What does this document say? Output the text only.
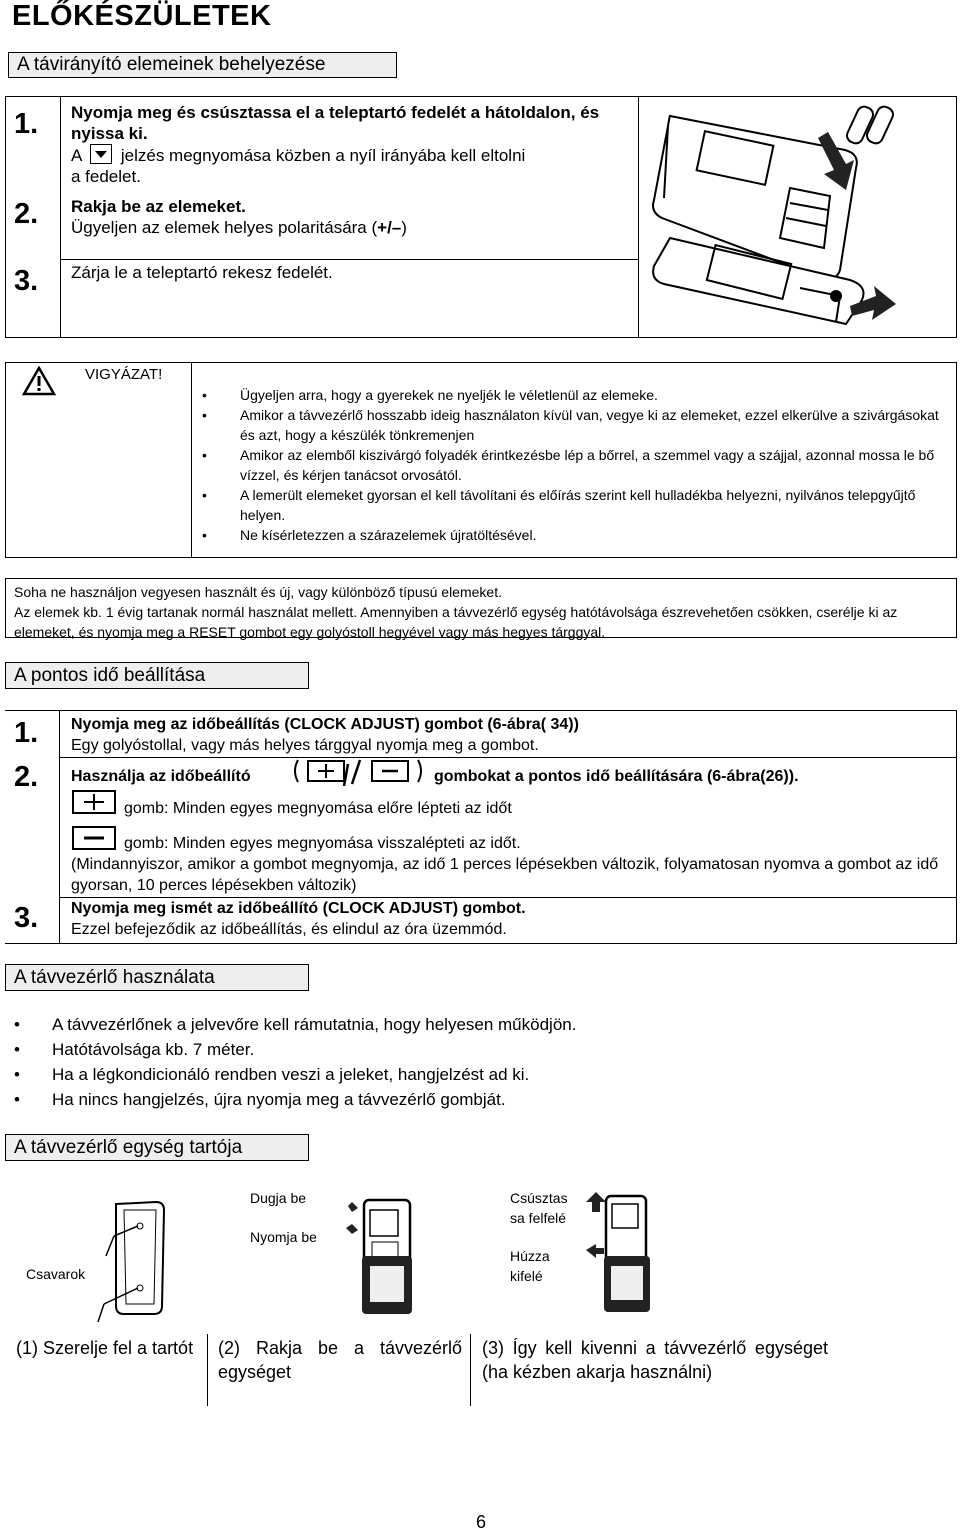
ELŐKÉSZÜLETEK
A távirányító elemeinek behelyezése
1.
2.
3.
Nyomja meg és csúsztassa el a teleptartó fedelét a hátoldalon, és nyissa ki.
A jelzés megnyomása közben a nyíl irányába kell eltolni
a fedelet.
Rakja be az elemeket.
Ügyeljen az elemek helyes polaritására (+/–)
Zárja le a teleptartó rekesz fedelét.
VIGYÁZAT!
• Ügyeljen arra, hogy a gyerekek ne nyeljék le véletlenül az elemeke.
• Amikor a távvezérlő hosszabb ideig használaton kívül van, vegye ki az elemeket, ezzel elkerülve a szivárgásokat és azt, hogy a készülék tönkremenjen
• Amikor az elemből kiszivárgó folyadék érintkezésbe lép a bőrrel, a szemmel vagy a szájjal, azonnal mossa le bő vízzel, és kérjen tanácsot orvosától.
• A lemerült elemeket gyorsan el kell távolítani és előírás szerint kell hulladékba helyezni, nyilvános telepgyűjtő helyen.
• Ne kísérletezzen a szárazelemek újratöltésével.
Soha ne használjon vegyesen használt és új, vagy különböző típusú elemeket.
Az elemek kb. 1 évig tartanak normál használat mellett. Amennyiben a távvezérlő egység hatótávolsága észrevehetően csökken, cserélje ki az elemeket, és nyomja meg a RESET gombot egy golyóstoll hegyével vagy más hegyes tárggyal.
A pontos idő beállítása
1.
2.
3.
Nyomja meg az időbeállítás (CLOCK ADJUST) gombot (6-ábra( 34))
Egy golyóstollal, vagy más helyes tárggyal nyomja meg a gombot.
Használja az időbeállító	gombokat a pontos idő beállítására (6-ábra(26)).
gomb: Minden egyes megnyomása előre lépteti az időt
gomb: Minden egyes megnyomása visszalépteti az időt.
(Mindannyiszor, amikor a gombot megnyomja, az idő 1 perces lépésekben változik, folyamatosan nyomva a gombot az idő gyorsan, 10 perces lépésekben változik)
Nyomja meg ismét az időbeállító (CLOCK ADJUST) gombot.
Ezzel befejeződik az időbeállítás, és elindul az óra üzemmód.
A távvezérlő használata
• A távvezérlőnek a jelvevőre kell rámutatnia, hogy helyesen működjön.
• Hatótávolsága kb. 7 méter.
• Ha a légkondicionáló rendben veszi a jeleket, hangjelzést ad ki.
• Ha nincs hangjelzés, újra nyomja meg a távvezérlő gombját.
A távvezérlő egység tartója
Csavarok
Dugja be
Nyomja be
Csúsztas
sa felfelé
Húzza
kifelé
(1) Szerelje fel a tartót (2) Rakja be a távvezérlő egységet
(3) Így kell kivenni a távvezérlő egységet (ha kézben akarja használni)
6
